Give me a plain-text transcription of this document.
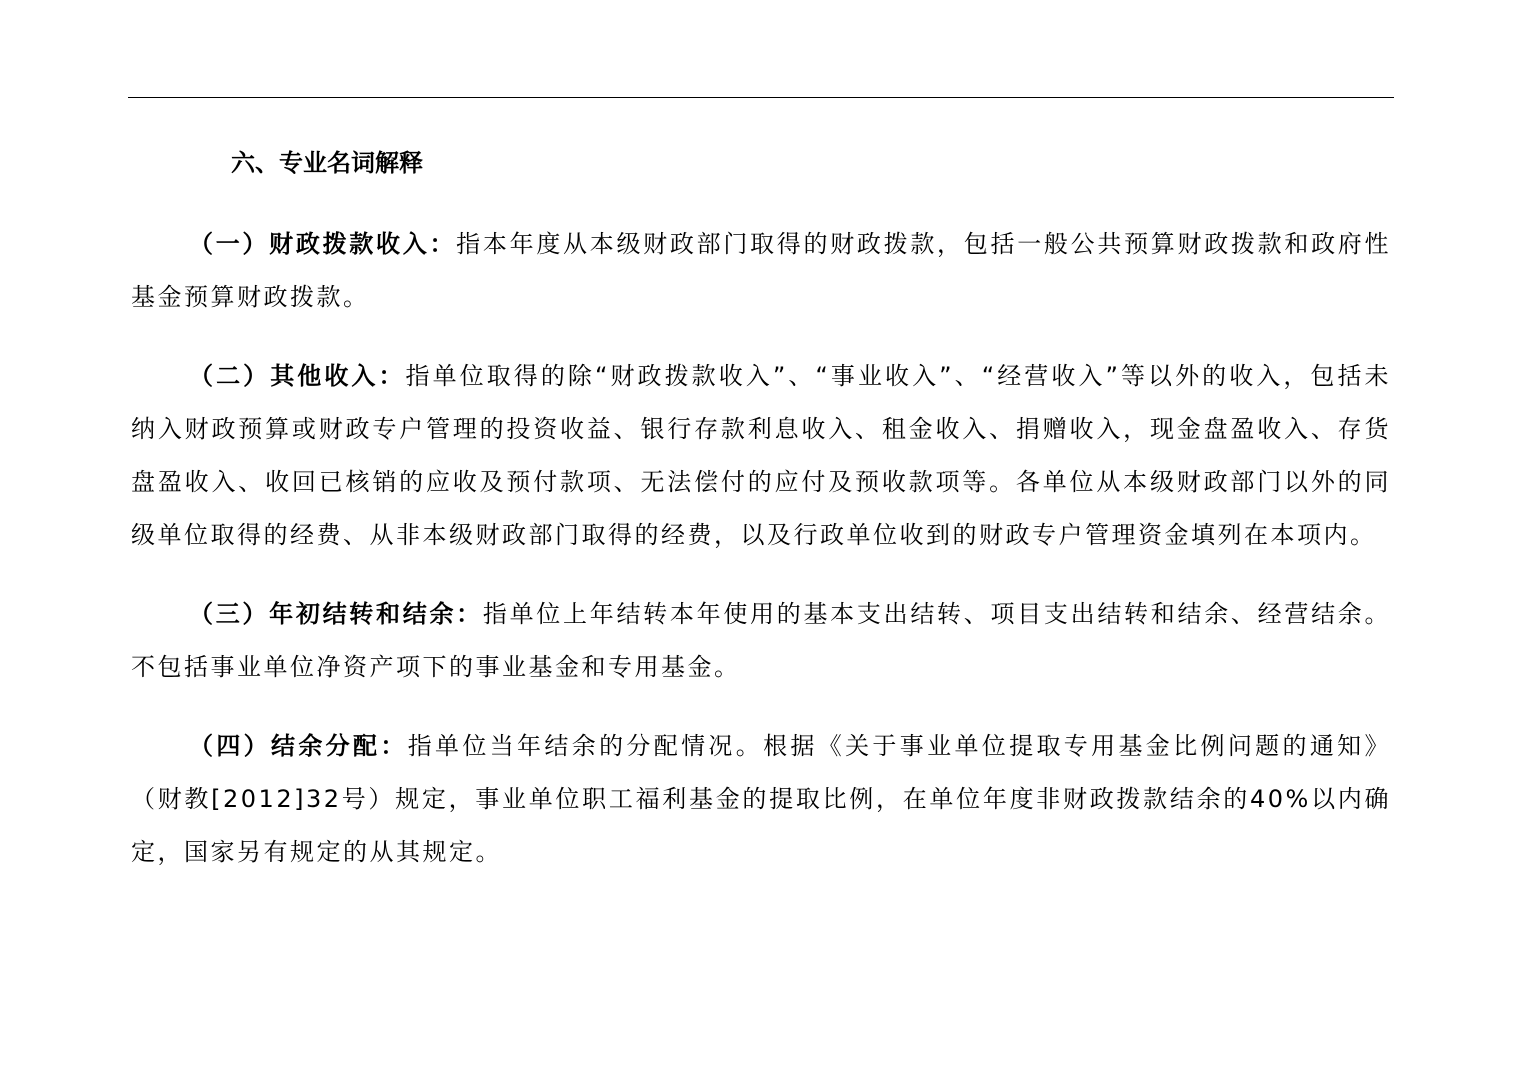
六、专业名词解释

（一）财政拨款收入：指本年度从本级财政部门取得的财政拨款，包括一般公共预算财政拨款和政府性基金预算财政拨款。

（二）其他收入：指单位取得的除“财政拨款收入”、“事业收入”、“经营收入”等以外的收入，包括未纳入财政预算或财政专户管理的投资收益、银行存款利息收入、租金收入、捐赠收入，现金盘盈收入、存货盘盈收入、收回已核销的应收及预付款项、无法偿付的应付及预收款项等。各单位从本级财政部门以外的同级单位取得的经费、从非本级财政部门取得的经费，以及行政单位收到的财政专户管理资金填列在本项内。

（三）年初结转和结余：指单位上年结转本年使用的基本支出结转、项目支出结转和结余、经营结余。不包括事业单位净资产项下的事业基金和专用基金。

（四）结余分配：指单位当年结余的分配情况。根据《关于事业单位提取专用基金比例问题的通知》（财教[2012]32号）规定，事业单位职工福利基金的提取比例，在单位年度非财政拨款结余的40%以内确定，国家另有规定的从其规定。
